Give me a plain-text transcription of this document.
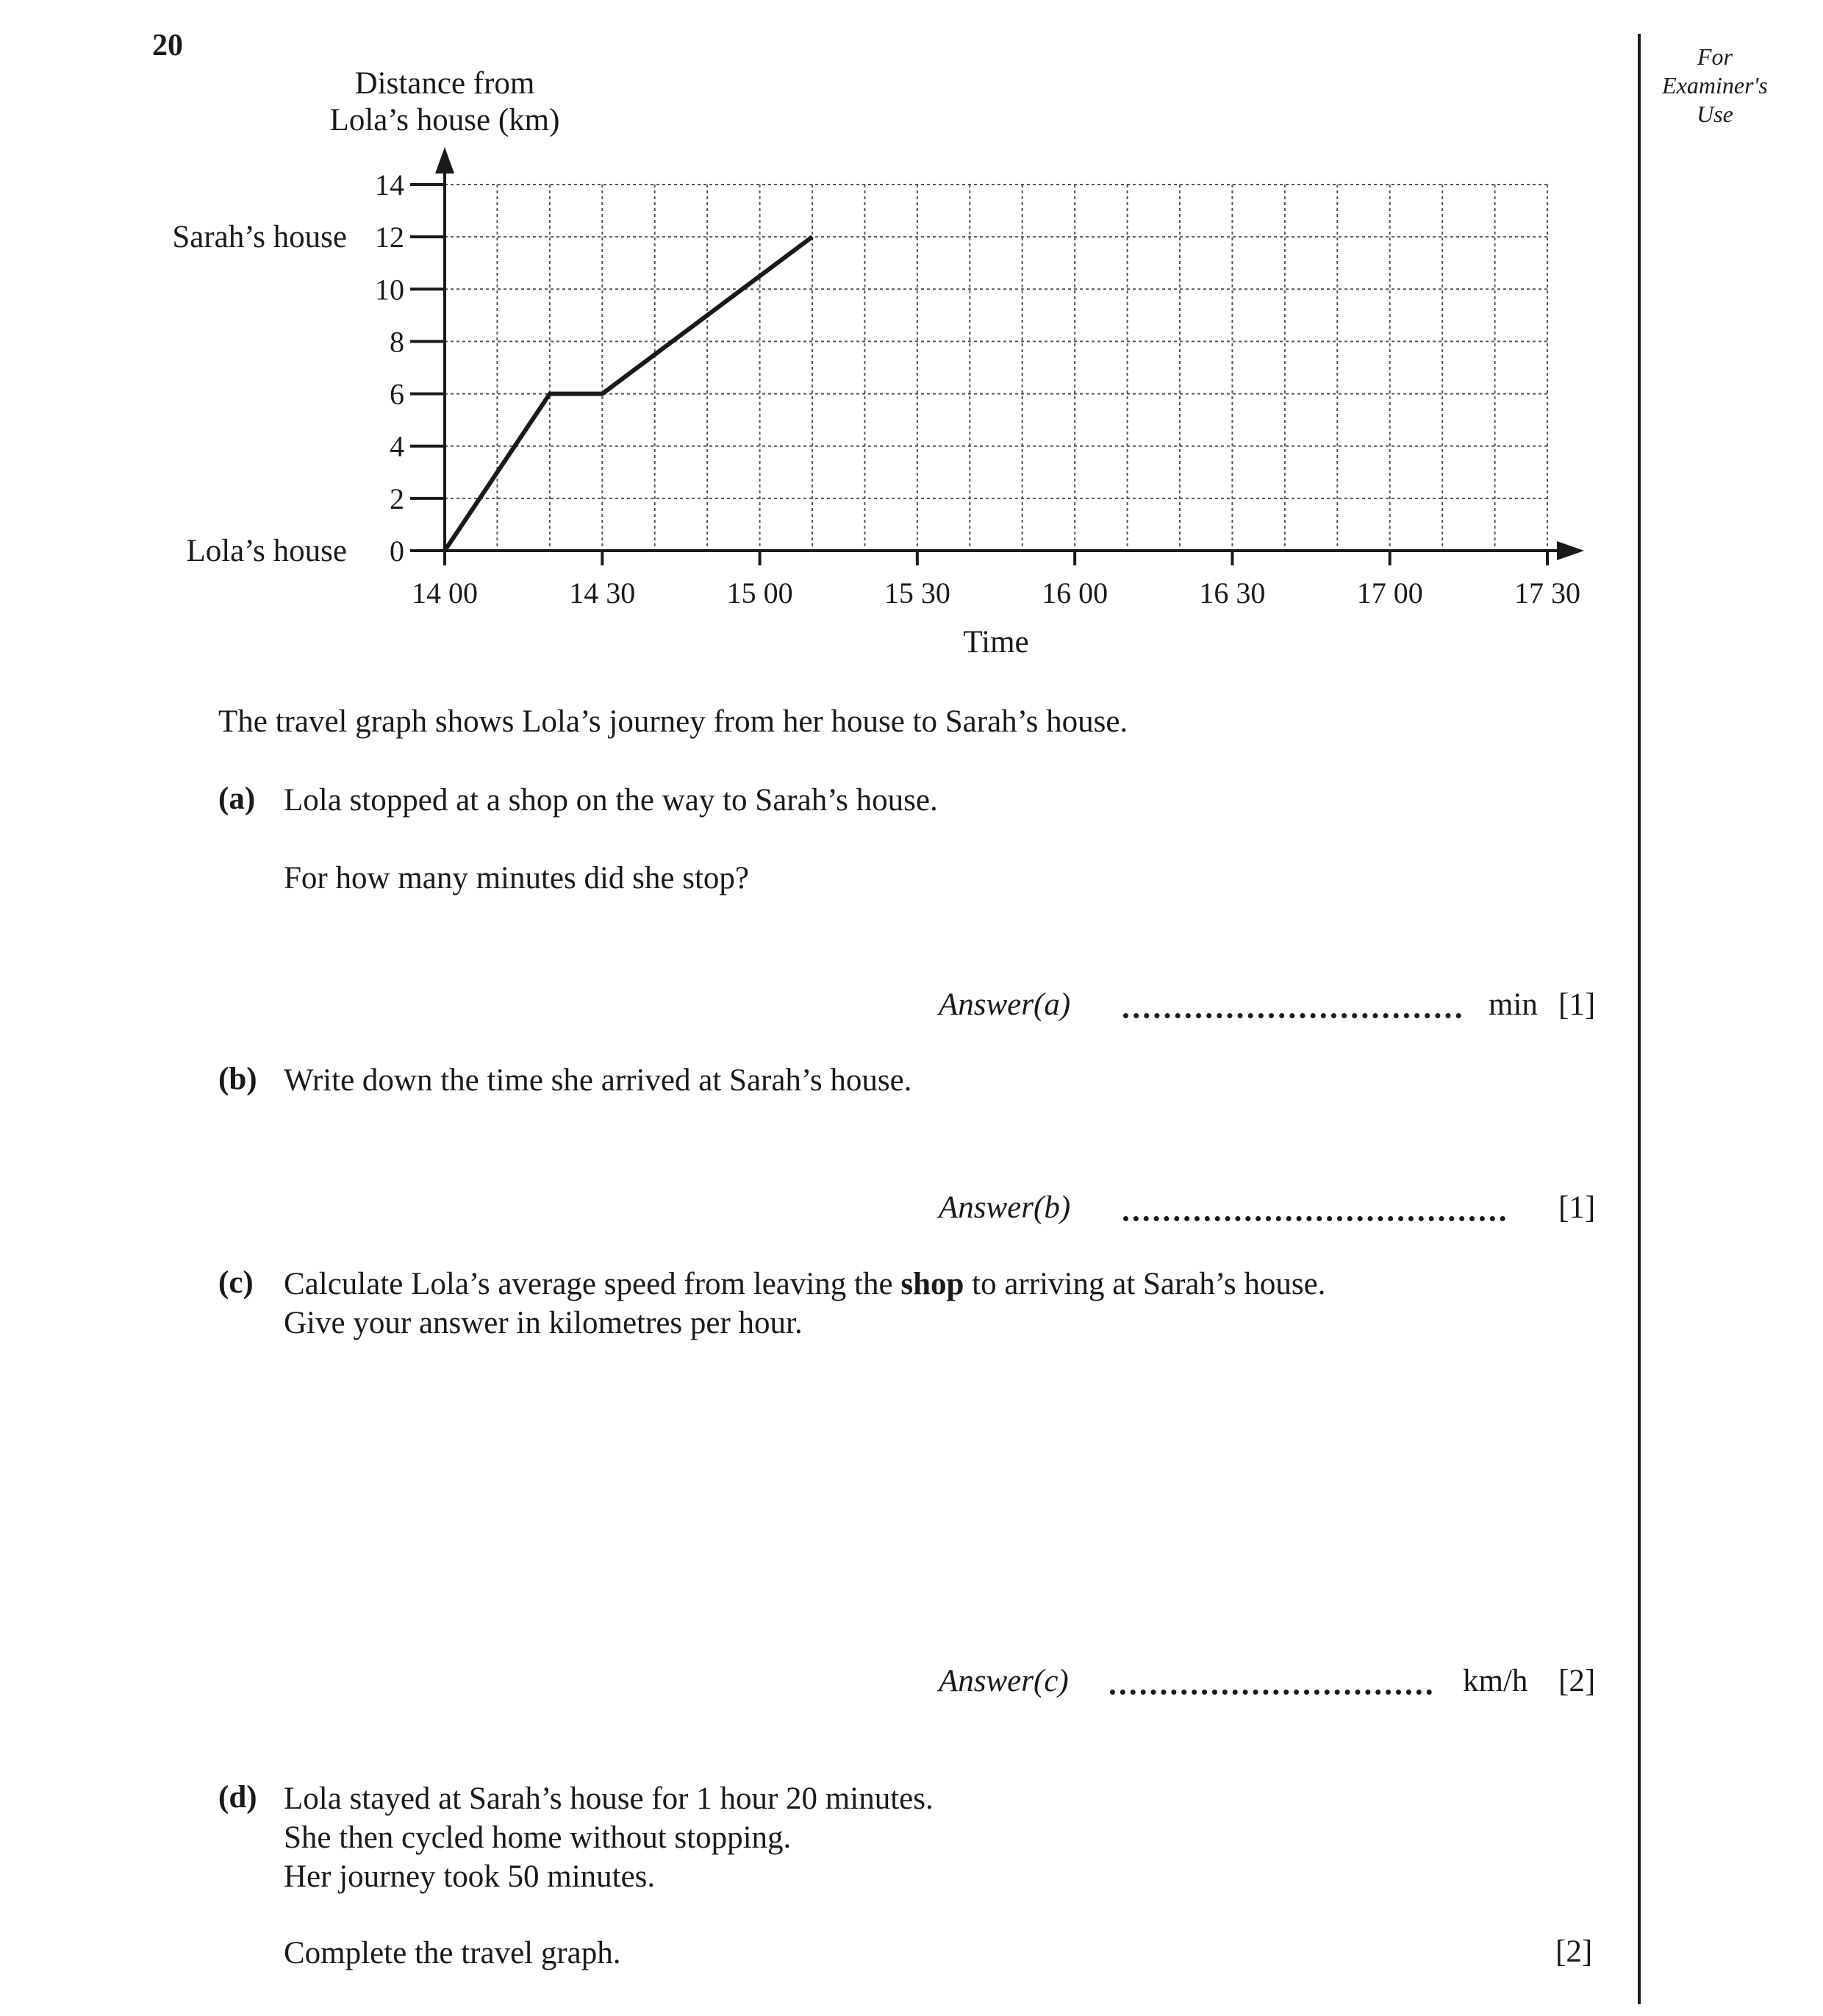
20	For
Examiner's
Use
0
2
4
6
8
10
12
14
14 00	14 30	15 00	15 30	16 00	16 30	17 00	17 30
Sarah’s house
Lola’s house
Distance from
Lola’s house (km)
Time
The travel graph shows Lola’s journey from her house to Sarah’s house.
(a) Lola stopped at a shop on the way to Sarah’s house.
For how many minutes did she stop?
Answer(a)	min [1]
(b) Write down the time she arrived at Sarah’s house.
Answer(b)	[1]
(c) Calculate Lola’s average speed from leaving the shop to arriving at Sarah’s house.
Give your answer in kilometres per hour.
Answer(c)	km/h [2]
(d) Lola stayed at Sarah’s house for 1 hour 20 minutes.
She then cycled home without stopping.
Her journey took 50 minutes.
Complete the travel graph.	[2]
